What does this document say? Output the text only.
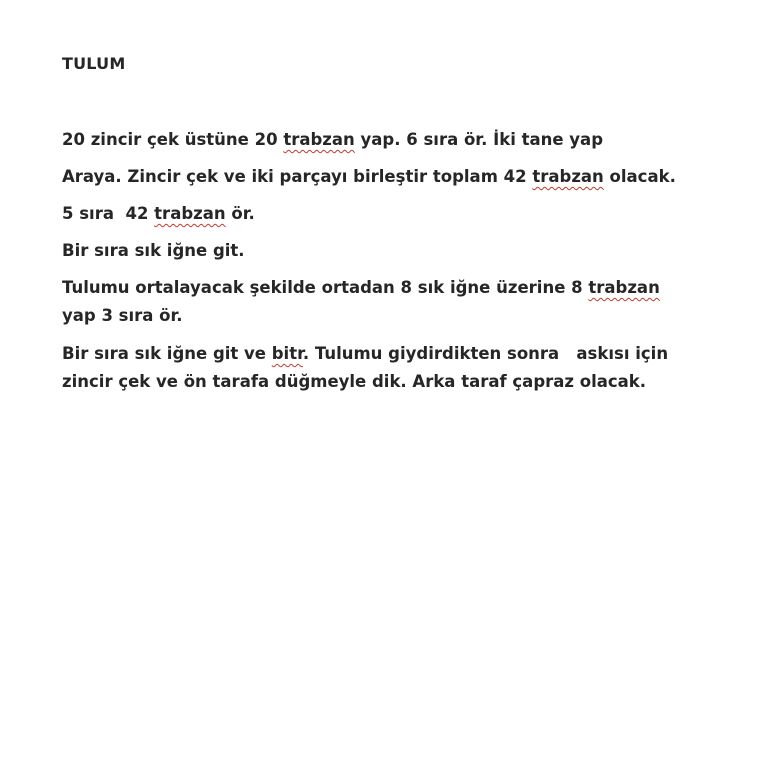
TULUM

20 zincir çek üstüne 20 trabzan yap. 6 sıra ör. İki tane yap

Araya. Zincir çek ve iki parçayı birleştir toplam 42 trabzan olacak.

5 sıra  42 trabzan ör.

Bir sıra sık iğne git.

Tulumu ortalayacak şekilde ortadan 8 sık iğne üzerine 8 trabzan
yap 3 sıra ör.

Bir sıra sık iğne git ve bitr. Tulumu giydirdikten sonra   askısı için
zincir çek ve ön tarafa düğmeyle dik. Arka taraf çapraz olacak.
